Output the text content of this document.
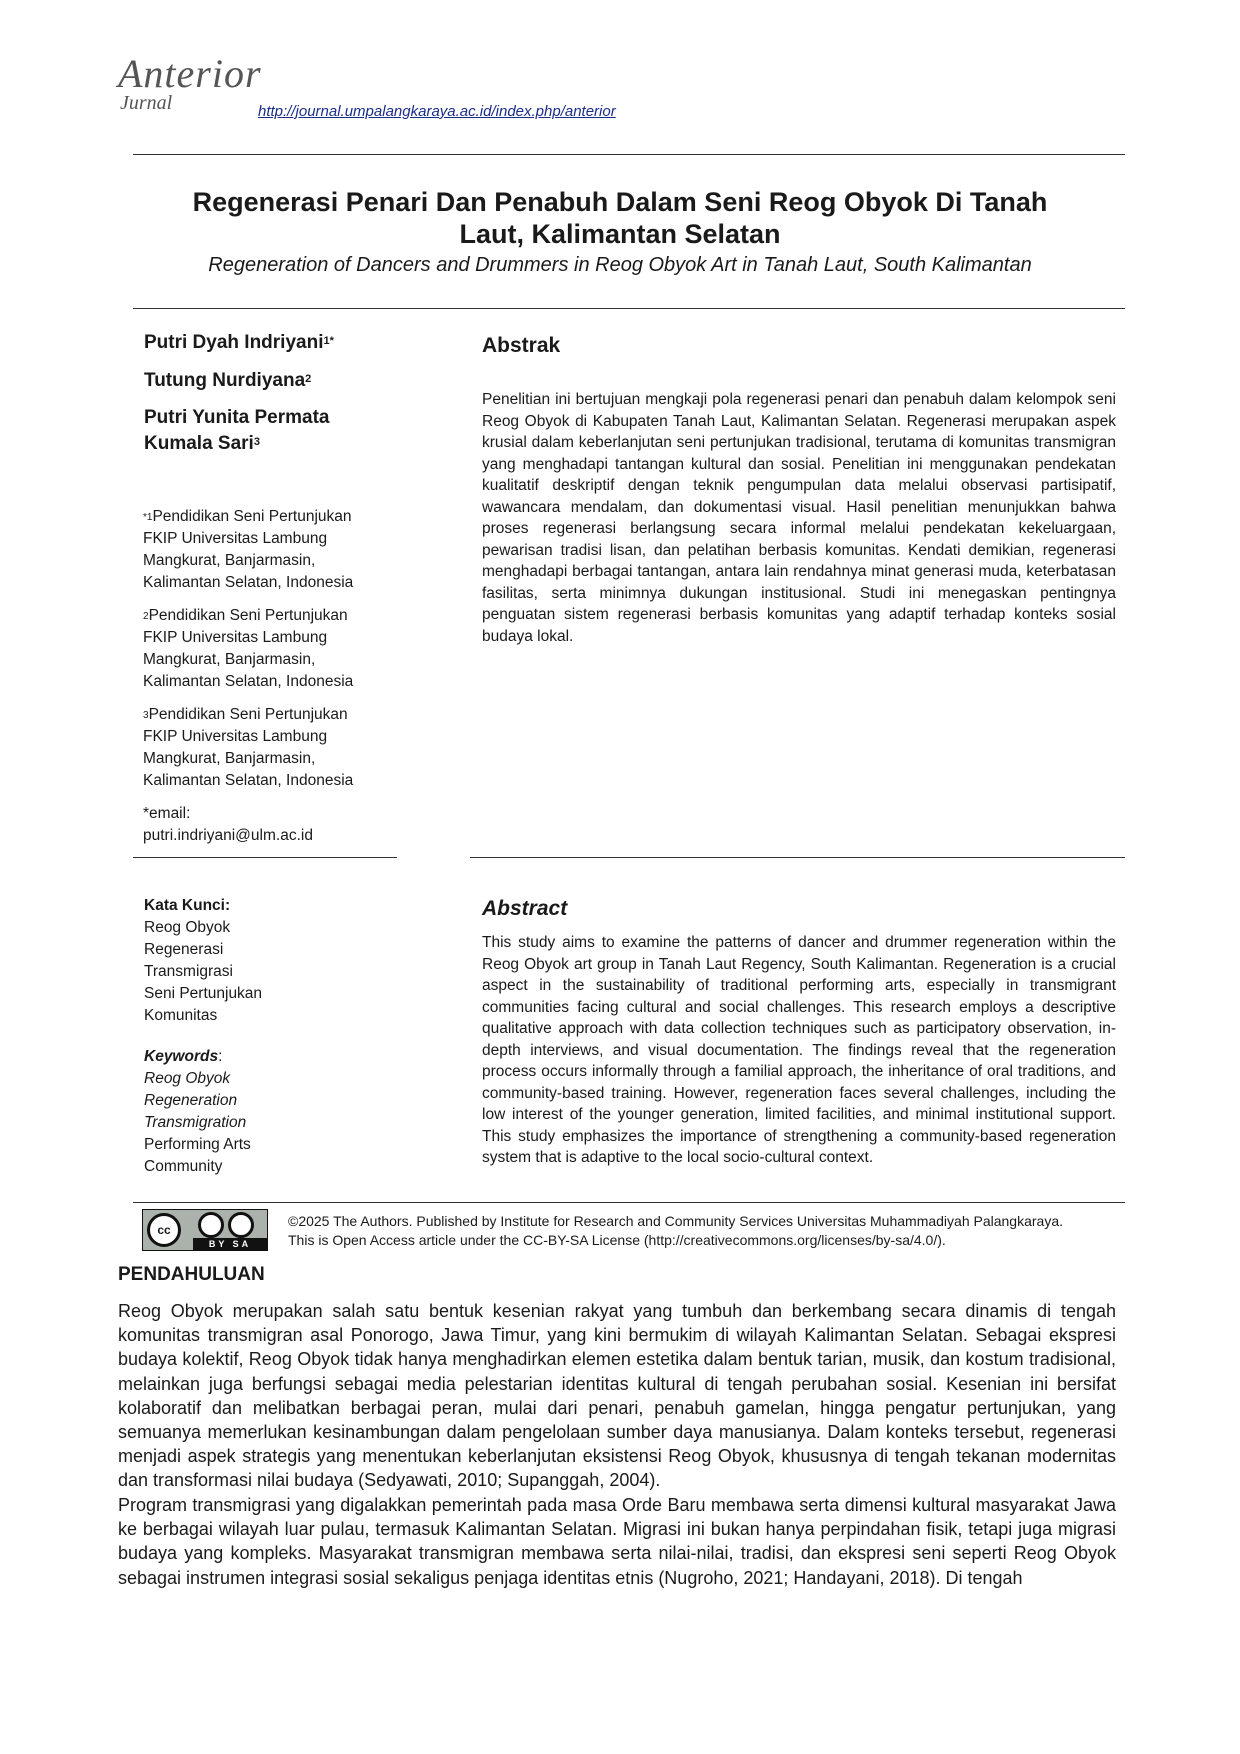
Anterior
Jurnal	http://journal.umpalangkaraya.ac.id/index.php/anterior
Regenerasi Penari Dan Penabuh Dalam Seni Reog Obyok Di Tanah
Laut, Kalimantan Selatan
Regeneration of Dancers and Drummers in Reog Obyok Art in Tanah Laut, South Kalimantan
Putri Dyah Indriyani$^{1*}$
Tutung Nurdiyana$^2$
Putri Yunita Permata
Kumala Sari$^3$
$^{*1}$Pendidikan Seni Pertunjukan
FKIP Universitas Lambung
Mangkurat, Banjarmasin,
Kalimantan Selatan, Indonesia
$^2$Pendidikan Seni Pertunjukan
FKIP Universitas Lambung
Mangkurat, Banjarmasin,
Kalimantan Selatan, Indonesia
$^3$Pendidikan Seni Pertunjukan
FKIP Universitas Lambung
Mangkurat, Banjarmasin,
Kalimantan Selatan, Indonesia
*email:
putri.indriyani@ulm.ac.id
Kata Kunci:
Reog Obyok
Regenerasi
Transmigrasi
Seni Pertunjukan
Komunitas
Keywords:
Reog Obyok
Regeneration
Transmigration
Performing Arts
Community
Abstrak
Penelitian ini bertujuan mengkaji pola regenerasi penari dan penabuh dalam kelompok seni Reog Obyok di Kabupaten Tanah Laut, Kalimantan Selatan. Regenerasi merupakan aspek krusial dalam keberlanjutan seni pertunjukan tradisional, terutama di komunitas transmigran yang menghadapi tantangan kultural dan sosial. Penelitian ini menggunakan pendekatan kualitatif deskriptif dengan teknik pengumpulan data melalui observasi partisipatif, wawancara mendalam, dan dokumentasi visual. Hasil penelitian menunjukkan bahwa proses regenerasi berlangsung secara informal melalui pendekatan kekeluargaan, pewarisan tradisi lisan, dan pelatihan berbasis komunitas. Kendati demikian, regenerasi menghadapi berbagai tantangan, antara lain rendahnya minat generasi muda, keterbatasan fasilitas, serta minimnya dukungan institusional. Studi ini menegaskan pentingnya penguatan sistem regenerasi berbasis komunitas yang adaptif terhadap konteks sosial budaya lokal.
Abstract
This study aims to examine the patterns of dancer and drummer regeneration within the Reog Obyok art group in Tanah Laut Regency, South Kalimantan. Regeneration is a crucial aspect in the sustainability of traditional performing arts, especially in transmigrant communities facing cultural and social challenges. This research employs a descriptive qualitative approach with data collection techniques such as participatory observation, in-depth interviews, and visual documentation. The findings reveal that the regeneration process occurs informally through a familial approach, the inheritance of oral traditions, and community-based training. However, regeneration faces several challenges, including the low interest of the younger generation, limited facilities, and minimal institutional support. This study emphasizes the importance of strengthening a community-based regeneration system that is adaptive to the local socio-cultural context.
cc
BY SA
©2025 The Authors. Published by Institute for Research and Community Services Universitas Muhammadiyah Palangkaraya.
This is Open Access article under the CC-BY-SA License (http://creativecommons.org/licenses/by-sa/4.0/).
PENDAHULUAN
Reog Obyok merupakan salah satu bentuk kesenian rakyat yang tumbuh dan berkembang secara dinamis di tengah komunitas transmigran asal Ponorogo, Jawa Timur, yang kini bermukim di wilayah Kalimantan Selatan. Sebagai ekspresi budaya kolektif, Reog Obyok tidak hanya menghadirkan elemen estetika dalam bentuk tarian, musik, dan kostum tradisional, melainkan juga berfungsi sebagai media pelestarian identitas kultural di tengah perubahan sosial. Kesenian ini bersifat kolaboratif dan melibatkan berbagai peran, mulai dari penari, penabuh gamelan, hingga pengatur pertunjukan, yang semuanya memerlukan kesinambungan dalam pengelolaan sumber daya manusianya. Dalam konteks tersebut, regenerasi menjadi aspek strategis yang menentukan keberlanjutan eksistensi Reog Obyok, khususnya di tengah tekanan modernitas dan transformasi nilai budaya (Sedyawati, 2010; Supanggah, 2004).
Program transmigrasi yang digalakkan pemerintah pada masa Orde Baru membawa serta dimensi kultural masyarakat Jawa ke berbagai wilayah luar pulau, termasuk Kalimantan Selatan. Migrasi ini bukan hanya perpindahan fisik, tetapi juga migrasi budaya yang kompleks. Masyarakat transmigran membawa serta nilai-nilai, tradisi, dan ekspresi seni seperti Reog Obyok sebagai instrumen integrasi sosial sekaligus penjaga identitas etnis (Nugroho, 2021; Handayani, 2018). Di tengah
